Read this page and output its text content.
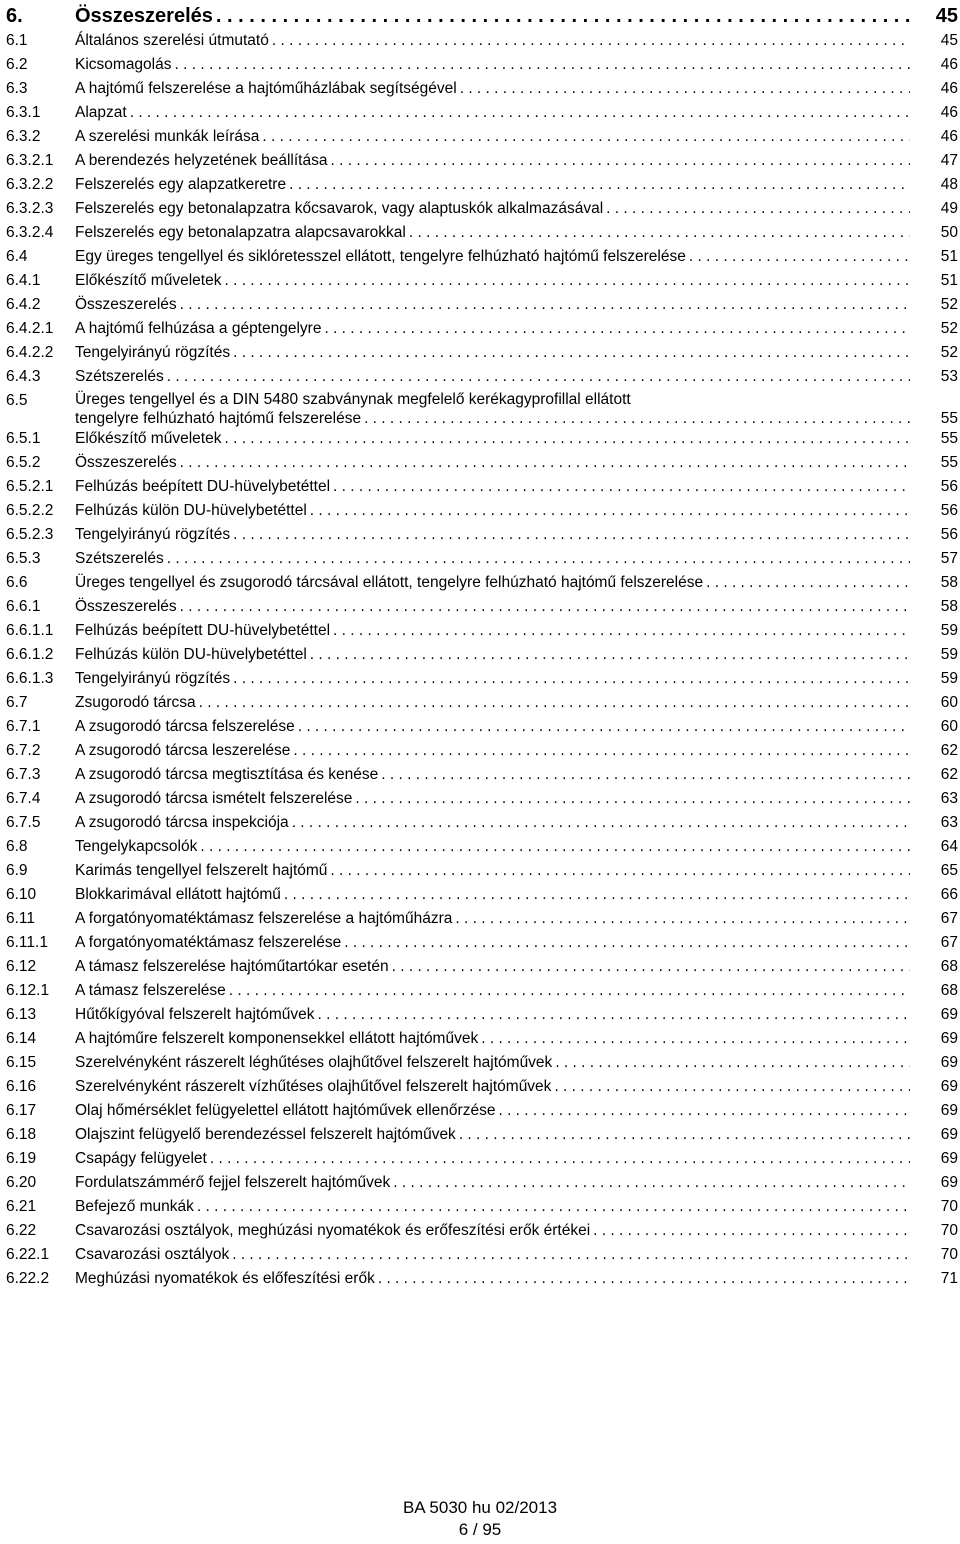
6.	Összeszerelés . . .	45
6.1	Általános szerelési útmutató . . .	45
6.2	Kicsomagolás . . .	46
6.3	A hajtómű felszerelése a hajtóműházlábak segítségével . . .	46
6.3.1	Alapzat . . .	46
6.3.2	A szerelési munkák leírása . . .	46
6.3.2.1	A berendezés helyzetének beállítása . . .	47
6.3.2.2	Felszerelés egy alapzatkeretre . . .	48
6.3.2.3	Felszerelés egy betonalapzatra kőcsavarok, vagy alaptuskók alkalmazásával . . .	49
6.3.2.4	Felszerelés egy betonalapzatra alapcsavarokkal . . .	50
6.4	Egy üreges tengellyel és siklóretesszel ellátott, tengelyre felhúzható hajtómű felszerelése . . .	51
6.4.1	Előkészítő műveletek . . .	51
6.4.2	Összeszerelés . . .	52
6.4.2.1	A hajtómű felhúzása a géptengelyre . . .	52
6.4.2.2	Tengelyirányú rögzítés . . .	52
6.4.3	Szétszerelés . . .	53
6.5	Üreges tengellyel és a DIN 5480 szabványnak megfelelő kerékagyprofillal ellátott
tengelyre felhúzható hajtómű felszerelése . . .	55
6.5.1	Előkészítő műveletek . . .	55
6.5.2	Összeszerelés . . .	55
6.5.2.1	Felhúzás beépített DU-hüvelybetéttel . . .	56
6.5.2.2	Felhúzás külön DU-hüvelybetéttel . . .	56
6.5.2.3	Tengelyirányú rögzítés . . .	56
6.5.3	Szétszerelés . . .	57
6.6	Üreges tengellyel és zsugorodó tárcsával ellátott, tengelyre felhúzható hajtómű felszerelése . . .	58
6.6.1	Összeszerelés . . .	58
6.6.1.1	Felhúzás beépített DU-hüvelybetéttel . . .	59
6.6.1.2	Felhúzás külön DU-hüvelybetéttel . . .	59
6.6.1.3	Tengelyirányú rögzítés . . .	59
6.7	Zsugorodó tárcsa . . .	60
6.7.1	A zsugorodó tárcsa felszerelése . . .	60
6.7.2	A zsugorodó tárcsa leszerelése . . .	62
6.7.3	A zsugorodó tárcsa megtisztítása és kenése . . .	62
6.7.4	A zsugorodó tárcsa ismételt felszerelése . . .	63
6.7.5	A zsugorodó tárcsa inspekciója . . .	63
6.8	Tengelykapcsolók . . .	64
6.9	Karimás tengellyel felszerelt hajtómű . . .	65
6.10	Blokkarimával ellátott hajtómű . . .	66
6.11	A forgatónyomatéktámasz felszerelése a hajtóműházra . . .	67
6.11.1	A forgatónyomatéktámasz felszerelése . . .	67
6.12	A támasz felszerelése hajtóműtartókar esetén . . .	68
6.12.1	A támasz felszerelése . . .	68
6.13	Hűtőkígyóval felszerelt hajtóművek . . .	69
6.14	A hajtóműre felszerelt komponensekkel ellátott hajtóművek . . .	69
6.15	Szerelvényként rászerelt léghűtéses olajhűtővel felszerelt hajtóművek . . .	69
6.16	Szerelvényként rászerelt vízhűtéses olajhűtővel felszerelt hajtóművek . . .	69
6.17	Olaj hőmérséklet felügyelettel ellátott hajtóművek ellenőrzése . . .	69
6.18	Olajszint felügyelő berendezéssel felszerelt hajtóművek . . .	69
6.19	Csapágy felügyelet . . .	69
6.20	Fordulatszámmérő fejjel felszerelt hajtóművek . . .	69
6.21	Befejező munkák . . .	70
6.22	Csavarozási osztályok, meghúzási nyomatékok és erőfeszítési erők értékei . . .	70
6.22.1	Csavarozási osztályok . . .	70
6.22.2	Meghúzási nyomatékok és előfeszítési erők . . .	71
BA 5030 hu 02/2013
6 / 95
